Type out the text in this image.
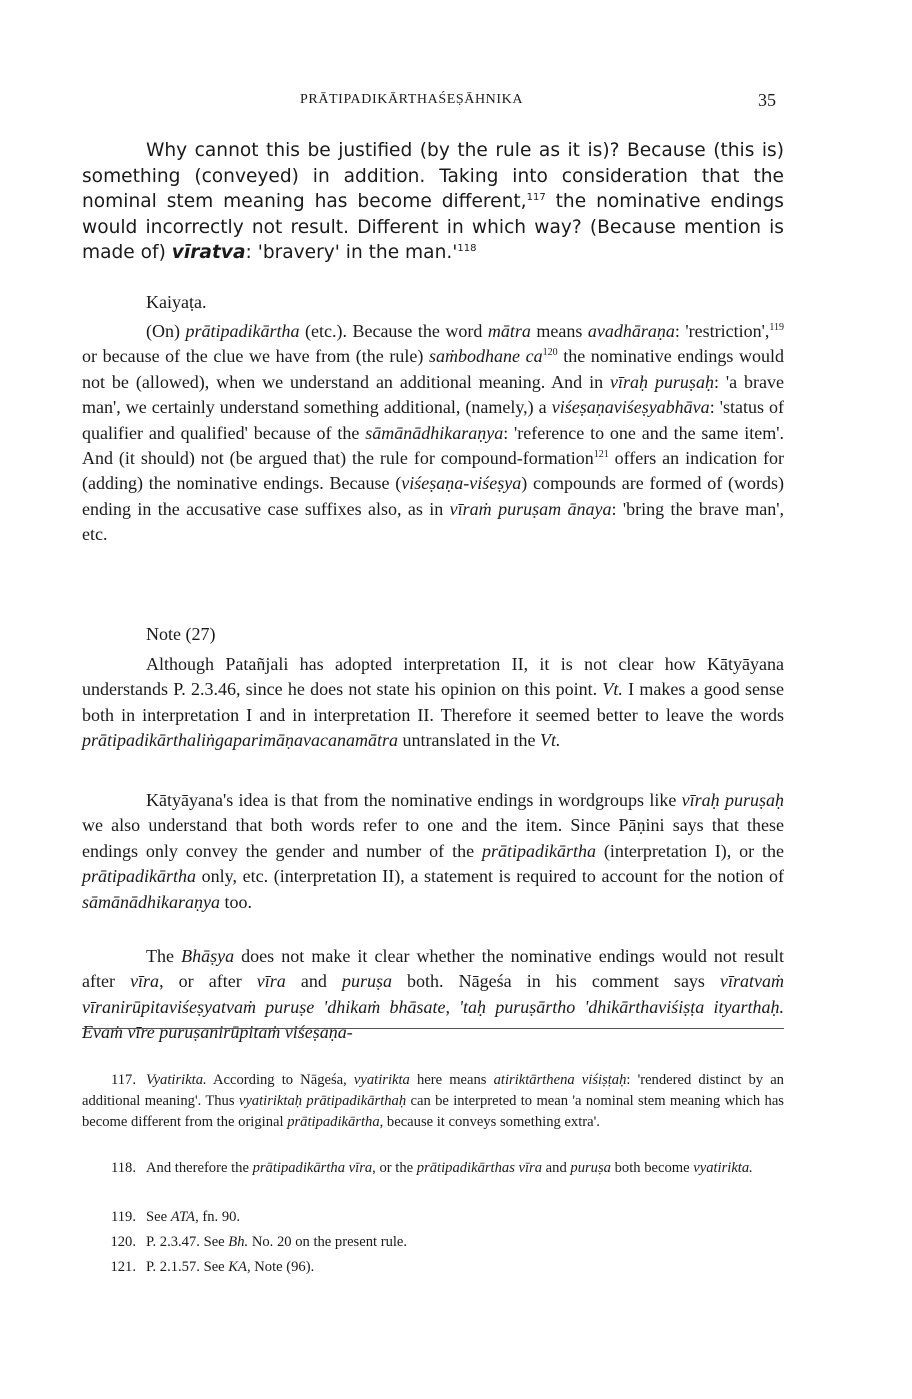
PRĀTIPADIKĀRTHAŚEṢĀHNIKA	35

Why cannot this be justified (by the rule as it is)? Because (this is) something (conveyed) in addition. Taking into consideration that the nominal stem meaning has become different,$^{117}$ the nominative endings would incorrectly not result. Different in which way? (Because mention is made of) vīratva: 'bravery' in the $man.'^{118}$

Kaiyaṭa.

(On) prātipadikārtha (etc.). Because the word mātra means avadhāraṇa: 'restriction',$^{119}$ or because of the clue we have from (the rule) saṁbodhane $ca^{120}$ the nominative endings would not be (allowed), when we understand an additional meaning. And in vīraḥ puruṣaḥ: 'a brave man', we certainly understand something additional, (namely,) a viśeṣaṇaviśeṣyabhāva: 'status of qualifier and qualified' because of the sāmānādhikaraṇya: 'reference to one and the same item'. And (it should) not (be argued that) the rule for compound-formation$^{121}$ offers an indication for (adding) the nominative endings. Because (viśeṣaṇa-viśeṣya) compounds are formed of (words) ending in the accusative case suffixes also, as in vīraṁ puruṣam ānaya: 'bring the brave man', etc.

Note (27)

Although Patañjali has adopted interpretation II, it is not clear how Kātyāyana understands P. 2.3.46, since he does not state his opinion on this point. Vt. I makes a good sense both in interpretation I and in interpretation II. Therefore it seemed better to leave the words prātipadikārthaliṅgaparimāṇavacanamātra untranslated in the Vt.

Kātyāyana's idea is that from the nominative endings in wordgroups like vīraḥ puruṣaḥ we also understand that both words refer to one and the item. Since Pāṇini says that these endings only convey the gender and number of the prātipadikārtha (interpretation I), or the prātipadikārtha only, etc. (interpretation II), a statement is required to account for the notion of sāmānādhikaraṇya too.

The Bhāṣya does not make it clear whether the nominative endings would not result after vīra, or after vīra and puruṣa both. Nāgeśa in his comment says vīratvaṁ vīranirūpitaviśeṣyatvaṁ puruṣe 'dhikaṁ bhāsate, 'taḥ puruṣārtho 'dhikārthaviśiṣṭa ityarthaḥ. Evaṁ vīre puruṣanirūpitaṁ viśeṣaṇa-

117. Vyatirikta. According to Nāgeśa, vyatirikta here means atiriktārthena viśiṣṭaḥ: 'rendered distinct by an additional meaning'. Thus vyatiriktaḥ prātipadikārthaḥ can be interpreted to mean 'a nominal stem meaning which has become different from the original prātipadikārtha, because it conveys something extra'.

118. And therefore the prātipadikārtha vīra, or the prātipadikārthas vīra and puruṣa both become vyatirikta.

119. See ATA, fn. 90.

120. P. 2.3.47. See Bh. No. 20 on the present rule.

121. P. 2.1.57. See KA, Note (96).
